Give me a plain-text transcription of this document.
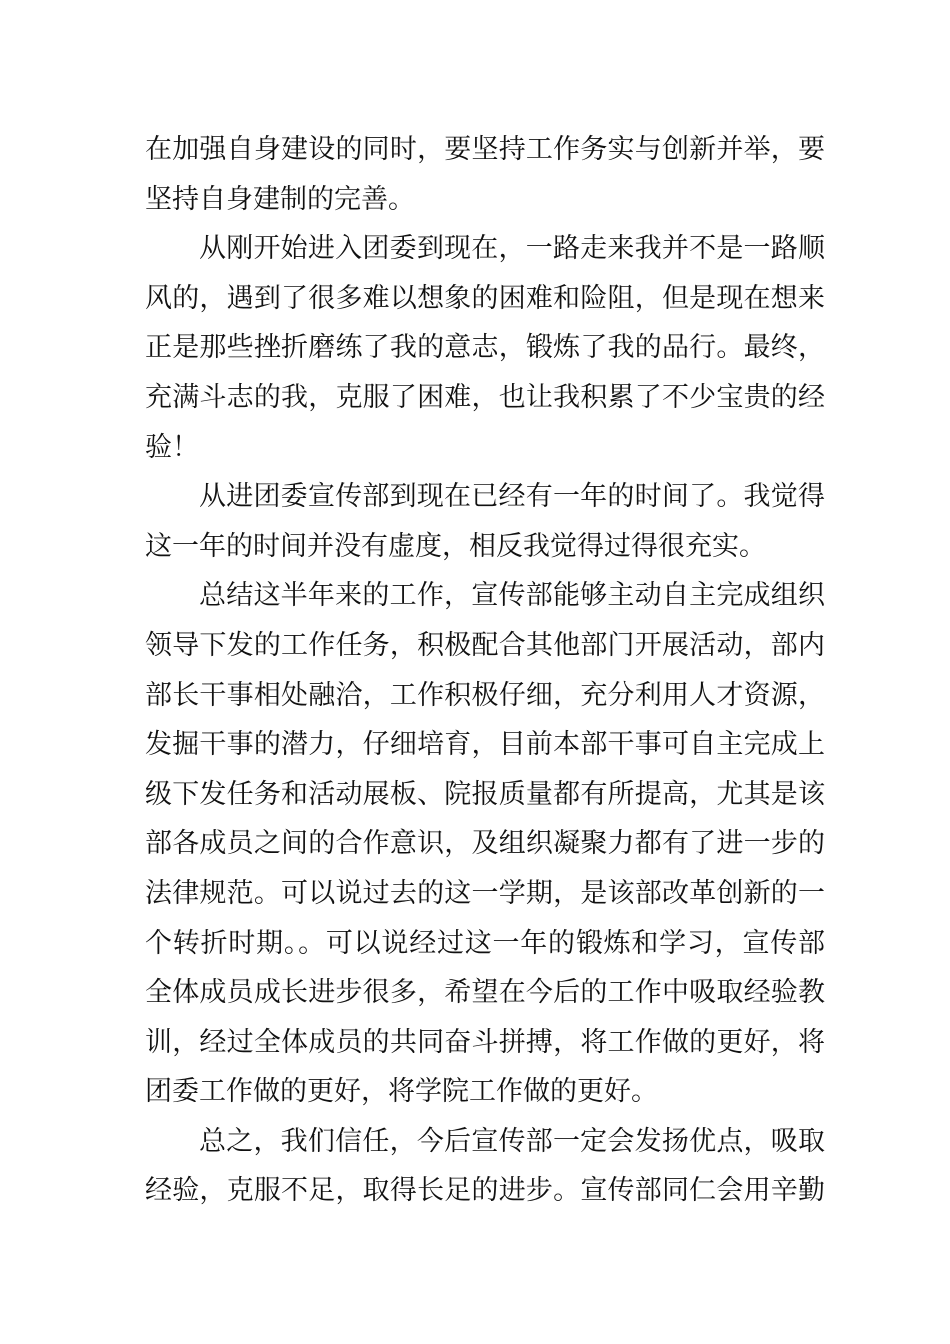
在加强自身建设的同时，要坚持工作务实与创新并举，要
坚持自身建制的完善。
从刚开始进入团委到现在，一路走来我并不是一路顺
风的，遇到了很多难以想象的困难和险阻，但是现在想来
正是那些挫折磨练了我的意志，锻炼了我的品行。最终，
充满斗志的我，克服了困难，也让我积累了不少宝贵的经
验！
从进团委宣传部到现在已经有一年的时间了。我觉得
这一年的时间并没有虚度，相反我觉得过得很充实。
总结这半年来的工作，宣传部能够主动自主完成组织
领导下发的工作任务，积极配合其他部门开展活动，部内
部长干事相处融洽，工作积极仔细，充分利用人才资源，
发掘干事的潜力，仔细培育，目前本部干事可自主完成上
级下发任务和活动展板、院报质量都有所提高，尤其是该
部各成员之间的合作意识，及组织凝聚力都有了进一步的
法律规范。可以说过去的这一学期，是该部改革创新的一
个转折时期。。可以说经过这一年的锻炼和学习，宣传部
全体成员成长进步很多，希望在今后的工作中吸取经验教
训，经过全体成员的共同奋斗拼搏，将工作做的更好，将
团委工作做的更好，将学院工作做的更好。
总之，我们信任，今后宣传部一定会发扬优点，吸取
经验，克服不足，取得长足的进步。宣传部同仁会用辛勤
